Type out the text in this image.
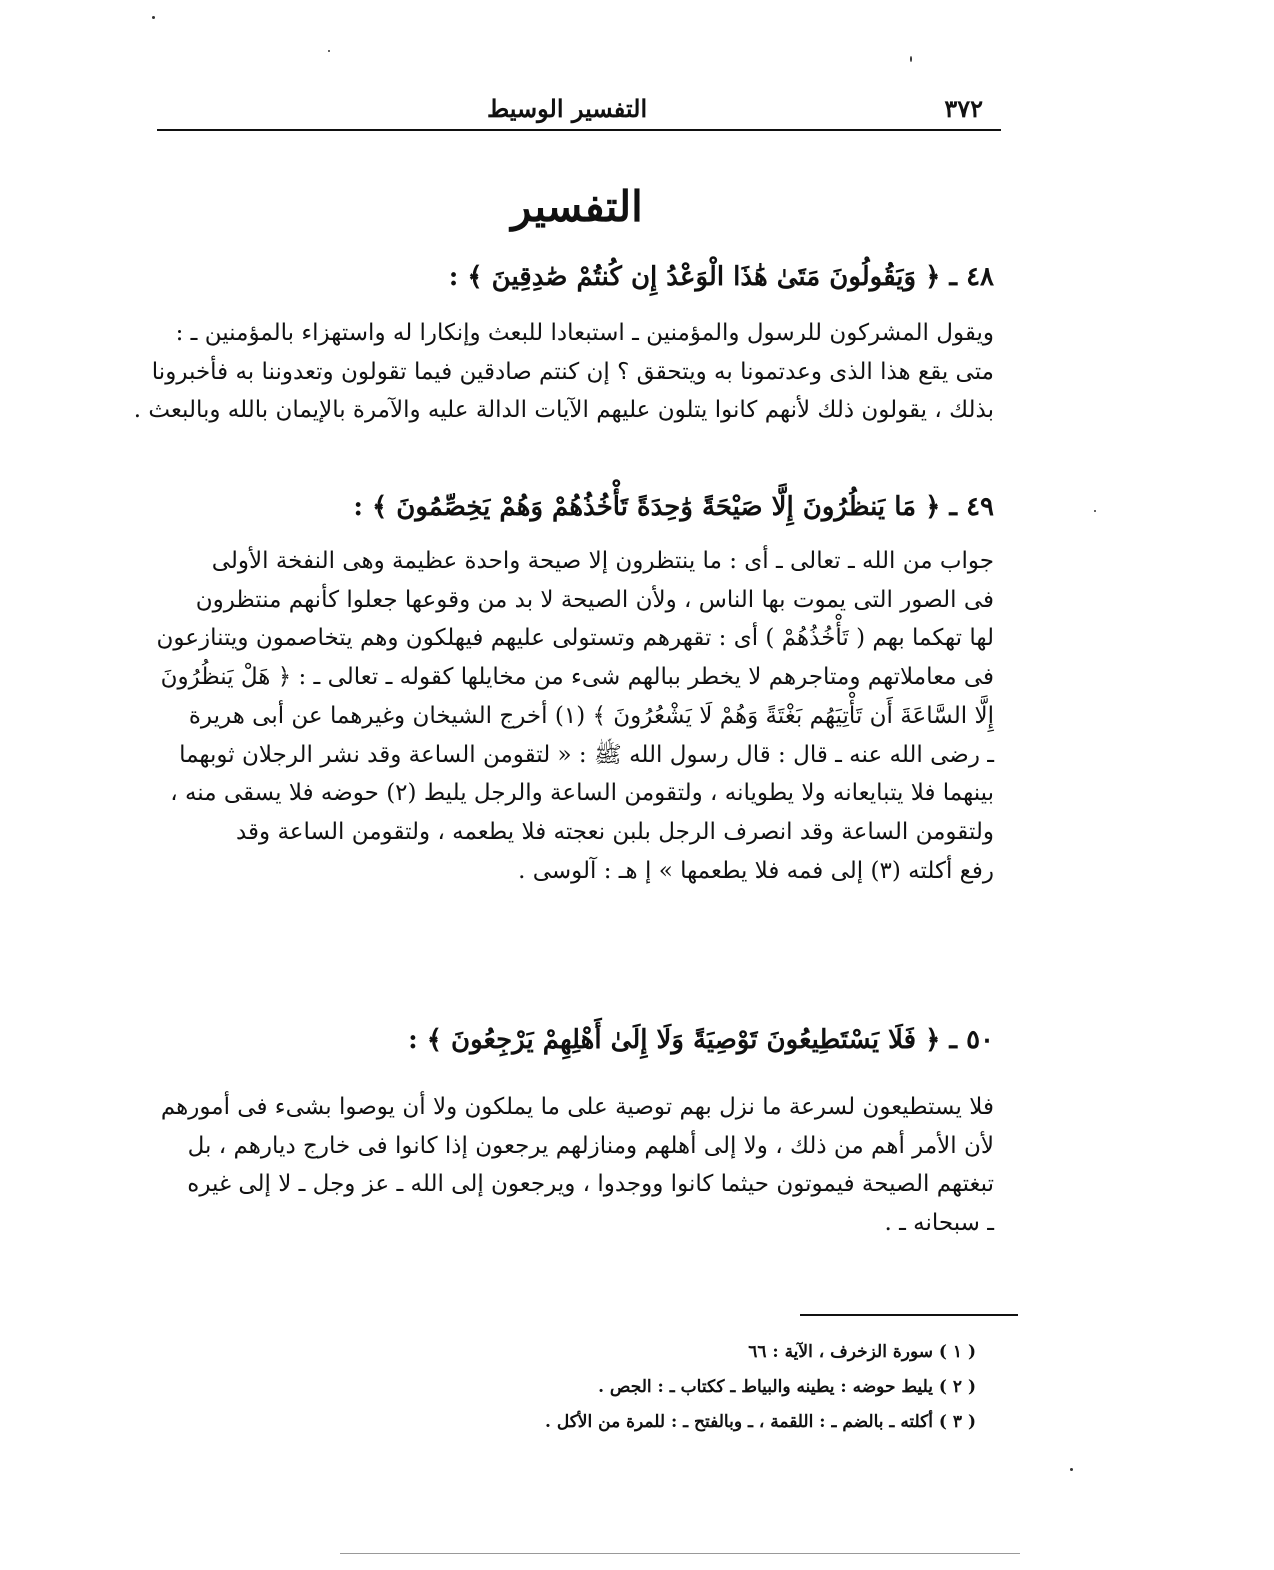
٣٧٢
التفسير الوسيط
التفسير
٤٨ ـ ﴿ وَيَقُولُونَ مَتَىٰ هَٰذَا الْوَعْدُ إِن كُنتُمْ صَٰدِقِينَ ﴾ :

ويقول المشركون للرسول والمؤمنين ـ استبعادا للبعث وإنكارا له واستهزاء بالمؤمنين ـ :

متى يقع هذا الذى وعدتمونا به ويتحقق ؟ إن كنتم صادقين فيما تقولون وتعدوننا به فأخبرونا

بذلك ، يقولون ذلك لأنهم كانوا يتلون عليهم الآيات الدالة عليه والآمرة بالإيمان بالله وبالبعث .

٤٩ ـ ﴿ مَا يَنظُرُونَ إِلَّا صَيْحَةً وَٰحِدَةً تَأْخُذُهُمْ وَهُمْ يَخِصِّمُونَ ﴾ :

جواب من الله ـ تعالى ـ أى : ما ينتظرون إلا صيحة واحدة عظيمة وهى النفخة الأولى

فى الصور التى يموت بها الناس ، ولأن الصيحة لا بد من وقوعها جعلوا كأنهم منتظرون

لها تهكما بهم ( تَأْخُذُهُمْ ) أى : تقهرهم وتستولى عليهم فيهلكون وهم يتخاصمون ويتنازعون

فى معاملاتهم ومتاجرهم لا يخطر ببالهم شىء من مخايلها كقوله ـ تعالى ـ : ﴿ هَلْ يَنظُرُونَ

إِلَّا السَّاعَةَ أَن تَأْتِيَهُم بَغْتَةً وَهُمْ لَا يَشْعُرُونَ ﴾ (١) أخرج الشيخان وغيرهما عن أبى هريرة

ـ رضى الله عنه ـ قال : قال رسول الله ﷺ : « لتقومن الساعة وقد نشر الرجلان ثوبهما

بينهما فلا يتبايعانه ولا يطويانه ، ولتقومن الساعة والرجل يليط (٢) حوضه فلا يسقى منه ،

ولتقومن الساعة وقد انصرف الرجل بلبن نعجته فلا يطعمه ، ولتقومن الساعة وقد

رفع أكلته (٣) إلى فمه فلا يطعمها » إ هـ : آلوسى .

٥٠ ـ ﴿ فَلَا يَسْتَطِيعُونَ تَوْصِيَةً وَلَا إِلَىٰ أَهْلِهِمْ يَرْجِعُونَ ﴾ :

فلا يستطيعون لسرعة ما نزل بهم توصية على ما يملكون ولا أن يوصوا بشىء فى أمورهم

لأن الأمر أهم من ذلك ، ولا إلى أهلهم ومنازلهم يرجعون إذا كانوا فى خارج ديارهم ، بل

تبغتهم الصيحة فيموتون حيثما كانوا ووجدوا ، ويرجعون إلى الله ـ عز وجل ـ لا إلى غيره

ـ سبحانه ـ .

( ١ ) سورة الزخرف ، الآية : ٦٦

( ٢ ) يليط حوضه : يطينه والبياط ـ ككتاب ـ : الجص .

( ٣ ) أكلته ـ بالضم ـ : اللقمة ، ـ وبالفتح ـ : للمرة من الأكل .
